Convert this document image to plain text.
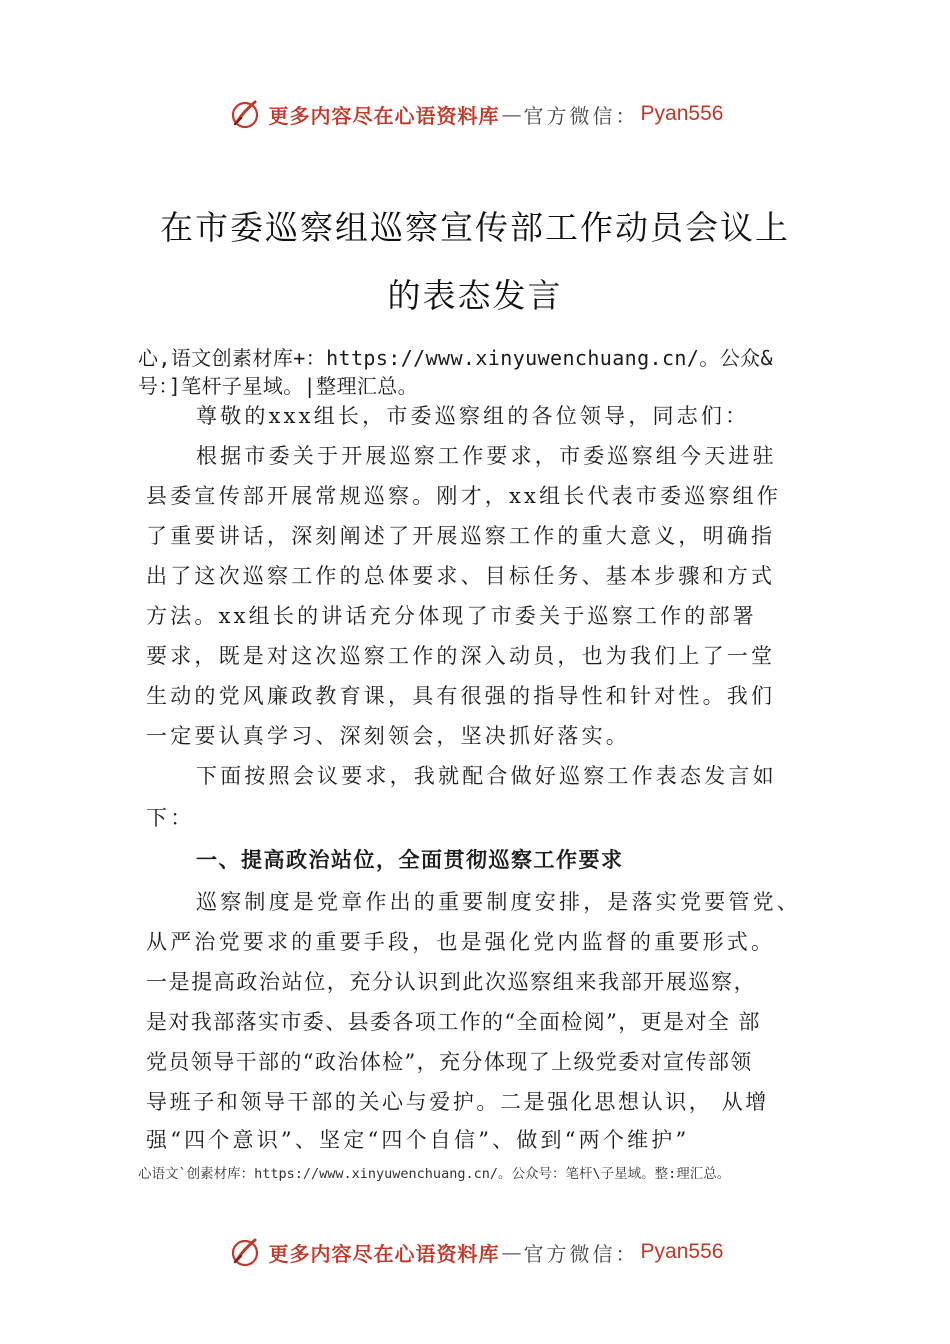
更多内容尽在心语资料库 — 官方微信： Pyan556
在市委巡察组巡察宣传部工作动员会议上
的表态发言
心,语文创素材库+：https://www.xinyuwenchuang.cn/。公众&
号：]笔杆子星域。|整理汇总。
尊敬的xxx组长，市委巡察组的各位领导，同志们：
根据市委关于开展巡察工作要求，市委巡察组今天进驻
县委宣传部开展常规巡察。刚才，xx组长代表市委巡察组作
了重要讲话，深刻阐述了开展巡察工作的重大意义，明确指
出了这次巡察工作的总体要求、目标任务、基本步骤和方式
方法。xx组长的讲话充分体现了市委关于巡察工作的部署
要求，既是对这次巡察工作的深入动员，也为我们上了一堂
生动的党风廉政教育课，具有很强的指导性和针对性。我们
一定要认真学习、深刻领会，坚决抓好落实。
下面按照会议要求，我就配合做好巡察工作表态发言如
下：
一、提高政治站位，全面贯彻巡察工作要求
巡察制度是党章作出的重要制度安排，是落实党要管党、
从严治党要求的重要手段，也是强化党内监督的重要形式。
一是提高政治站位，充分认识到此次巡察组来我部开展巡察，
是对我部落实市委、县委各项工作的“全面检阅”，更是对全 部
党员领导干部的“政治体检”，充分体现了上级党委对宣传部领
导班子和领导干部的关心与爱护。二是强化思想认识， 从增
强“四个意识”、坚定“四个自信”、做到“两个维护”
心语文`创素材库：https://www.xinyuwenchuang.cn/。公众号：笔杆\子星域。整:理汇总。
更多内容尽在心语资料库 — 官方微信： Pyan556
